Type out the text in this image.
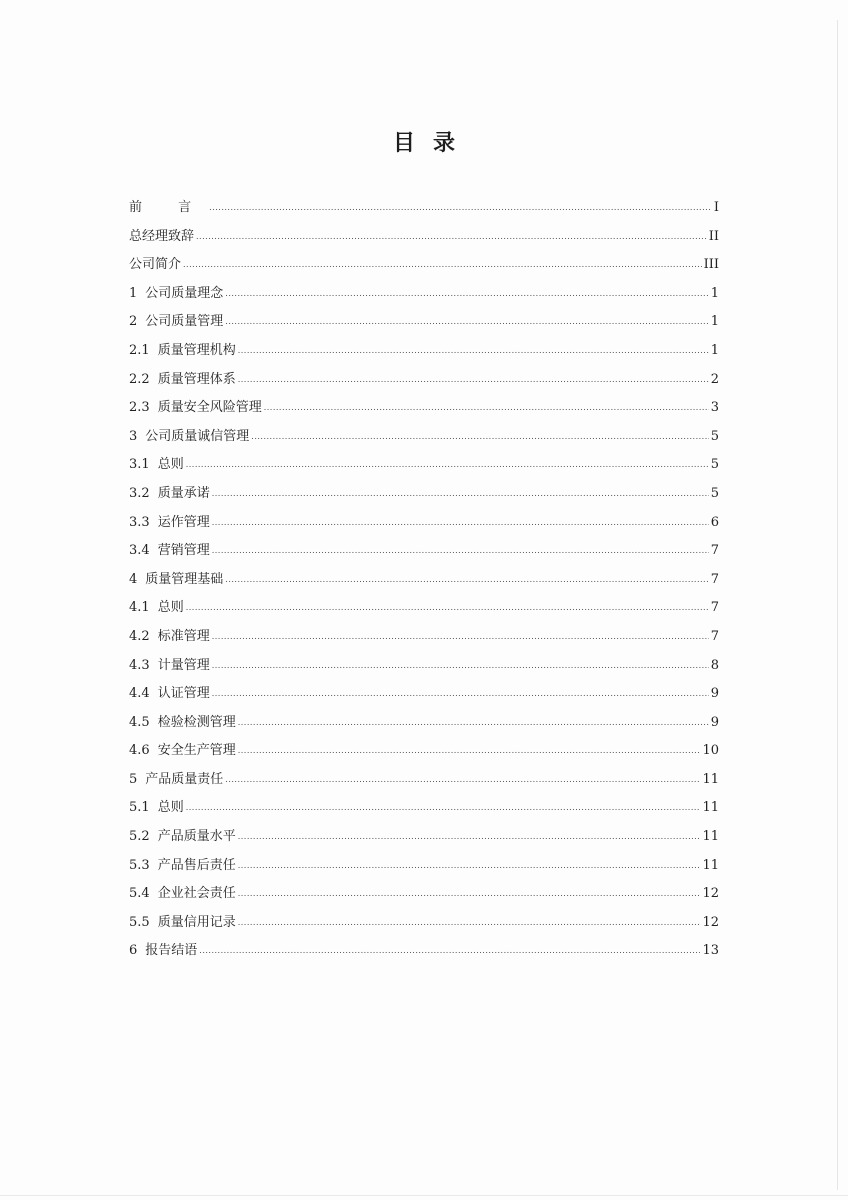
目录
前 言 .....	I
总经理致辞 .....	II
公司简介 .....	III
1 公司质量理念 .....	1
2 公司质量管理 .....	1
2.1 质量管理机构 .....	1
2.2 质量管理体系 .....	2
2.3 质量安全风险管理 .....	3
3 公司质量诚信管理 .....	5
3.1 总则 .....	5
3.2 质量承诺 .....	5
3.3 运作管理 .....	6
3.4 营销管理 .....	7
4 质量管理基础 .....	7
4.1 总则 .....	7
4.2 标准管理 .....	7
4.3 计量管理 .....	8
4.4 认证管理 .....	9
4.5 检验检测管理 .....	9
4.6 安全生产管理 .....	10
5 产品质量责任 .....	11
5.1 总则 .....	11
5.2 产品质量水平 .....	11
5.3 产品售后责任 .....	11
5.4 企业社会责任 .....	12
5.5 质量信用记录 .....	12
6 报告结语 .....	13
